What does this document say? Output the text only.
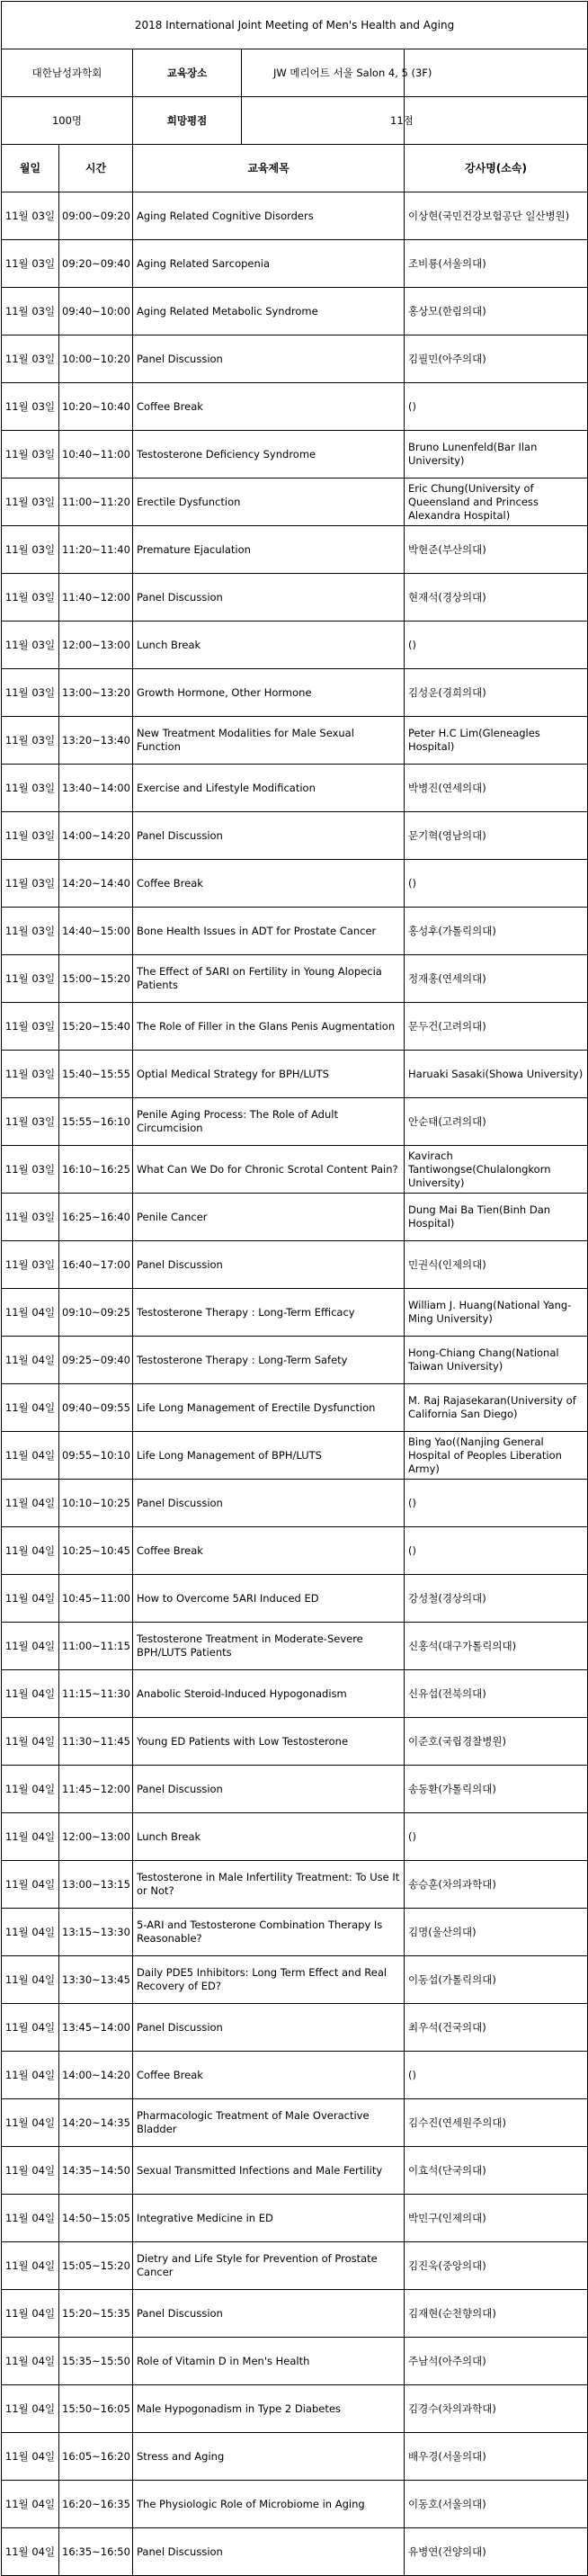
2018 International Joint Meeting of Men's Health and Aging			
대한남성과학회		교육장소	JW 메리어트 서울 Salon 4, 5 (3F)
100명		희망평점	11점
월일	시간	교육제목	강사명(소속)
11월 03일	09:00~09:20	Aging Related Cognitive Disorders	이상현(국민건강보험공단 일산병원)
11월 03일	09:20~09:40	Aging Related Sarcopenia	조비룡(서울의대)
11월 03일	09:40~10:00	Aging Related Metabolic Syndrome	홍상모(한림의대)
11월 03일	10:00~10:20	Panel Discussion	김필민(아주의대)
11월 03일	10:20~10:40	Coffee Break	()
11월 03일	10:40~11:00	Testosterone Deficiency Syndrome	Bruno Lunenfeld(Bar Ilan University)
11월 03일	11:00~11:20	Erectile Dysfunction	Eric Chung(University of Queensland and Princess Alexandra Hospital)
11월 03일	11:20~11:40	Premature Ejaculation	박현준(부산의대)
11월 03일	11:40~12:00	Panel Discussion	현재석(경상의대)
11월 03일	12:00~13:00	Lunch Break	()
11월 03일	13:00~13:20	Growth Hormone, Other Hormone	김성운(경희의대)
11월 03일	13:20~13:40	New Treatment Modalities for Male Sexual Function	Peter H.C Lim(Gleneagles Hospital)
11월 03일	13:40~14:00	Exercise and Lifestyle Modification	박병진(연세의대)
11월 03일	14:00~14:20	Panel Discussion	문기혁(영남의대)
11월 03일	14:20~14:40	Coffee Break	()
11월 03일	14:40~15:00	Bone Health Issues in ADT for Prostate Cancer	홍성후(가톨릭의대)
11월 03일	15:00~15:20	The Effect of 5ARI on Fertility in Young Alopecia Patients	정재홍(연세의대)
11월 03일	15:20~15:40	The Role of Filler in the Glans Penis Augmentation	문두건(고려의대)
11월 03일	15:40~15:55	Optial Medical Strategy for BPH/LUTS	Haruaki Sasaki(Showa University)
11월 03일	15:55~16:10	Penile Aging Process: The Role of Adult Circumcision	안순태(고려의대)
11월 03일	16:10~16:25	What Can We Do for Chronic Scrotal Content Pain?	Kavirach Tantiwongse(Chulalongkorn University)
11월 03일	16:25~16:40	Penile Cancer	Dung Mai Ba Tien(Binh Dan Hospital)
11월 03일	16:40~17:00	Panel Discussion	민권식(인제의대)
11월 04일	09:10~09:25	Testosterone Therapy : Long-Term Efficacy	William J. Huang(National Yang-Ming University)
11월 04일	09:25~09:40	Testosterone Therapy : Long-Term Safety	Hong-Chiang Chang(National Taiwan University)
11월 04일	09:40~09:55	Life Long Management of Erectile Dysfunction	M. Raj Rajasekaran(University of California San Diego)
11월 04일	09:55~10:10	Life Long Management of BPH/LUTS	Bing Yao((Nanjing General Hospital of Peoples Liberation Army)
11월 04일	10:10~10:25	Panel Discussion	()
11월 04일	10:25~10:45	Coffee Break	()
11월 04일	10:45~11:00	How to Overcome 5ARI Induced ED	강성철(경상의대)
11월 04일	11:00~11:15	Testosterone Treatment in Moderate-Severe BPH/LUTS Patients	신홍석(대구가톨릭의대)
11월 04일	11:15~11:30	Anabolic Steroid-Induced Hypogonadism	신유섭(전북의대)
11월 04일	11:30~11:45	Young ED Patients with Low Testosterone	이준호(국립경찰병원)
11월 04일	11:45~12:00	Panel Discussion	송동환(가톨릭의대)
11월 04일	12:00~13:00	Lunch Break	()
11월 04일	13:00~13:15	Testosterone in Male Infertility Treatment: To Use It or Not?	송승훈(차의과학대)
11월 04일	13:15~13:30	5-ARI and Testosterone Combination Therapy Is Reasonable?	김명(울산의대)
11월 04일	13:30~13:45	Daily PDE5 Inhibitors: Long Term Effect and Real Recovery of ED?	이동섭(가톨릭의대)
11월 04일	13:45~14:00	Panel Discussion	최우석(건국의대)
11월 04일	14:00~14:20	Coffee Break	()
11월 04일	14:20~14:35	Pharmacologic Treatment of Male Overactive Bladder	김수진(연세원주의대)
11월 04일	14:35~14:50	Sexual Transmitted Infections and Male Fertility	이효석(단국의대)
11월 04일	14:50~15:05	Integrative Medicine in ED	박민구(인제의대)
11월 04일	15:05~15:20	Dietry and Life Style for Prevention of Prostate Cancer	김진욱(중앙의대)
11월 04일	15:20~15:35	Panel Discussion	김재현(순천향의대)
11월 04일	15:35~15:50	Role of Vitamin D in Men's Health	주남석(아주의대)
11월 04일	15:50~16:05	Male Hypogonadism in Type 2 Diabetes	김경수(차의과학대)
11월 04일	16:05~16:20	Stress and Aging	배우경(서울의대)
11월 04일	16:20~16:35	The Physiologic Role of Microbiome in Aging	이동호(서울의대)
11월 04일	16:35~16:50	Panel Discussion	유병연(건양의대)
